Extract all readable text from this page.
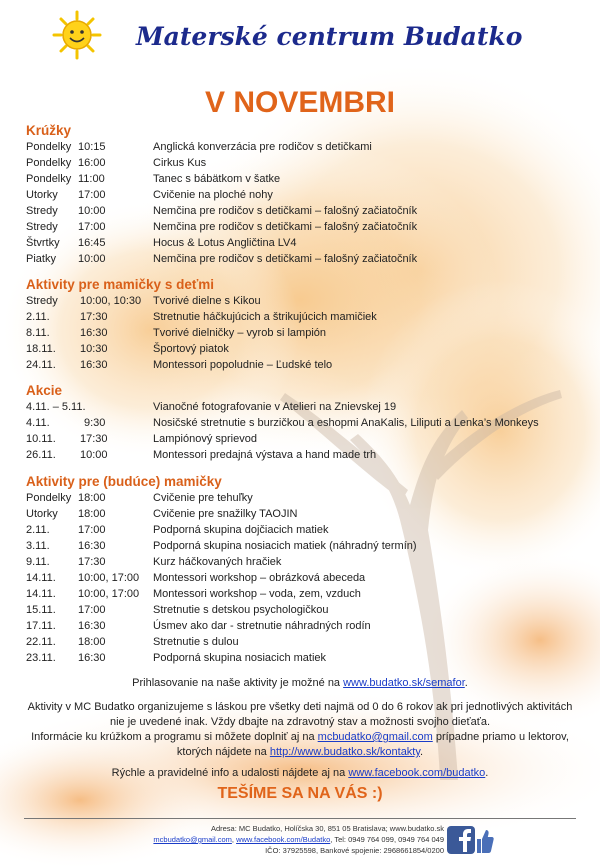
Materské centrum Budatko
V NOVEMBRI
Krúžky
Pondelky 10:15	Anglická konverzácia pre rodičov s detičkami
Pondelky 16:00	Cirkus Kus
Pondelky 11:00	Tanec s bábätkom v šatke
Utorky 17:00	Cvičenie na ploché nohy
Stredy 10:00	Nemčina pre rodičov s detičkami – falošný začiatočník
Stredy 17:00	Nemčina pre rodičov s detičkami – falošný začiatočník
Štvrtky 16:45	Hocus & Lotus Angličtina LV4
Piatky 10:00	Nemčina pre rodičov s detičkami – falošný začiatočník
Aktivity pre mamičky s deťmi
Stredy 10:00, 10:30 Tvorivé dielne s Kikou
2.11.	17:30	Stretnutie háčkujúcich a štrikujúcich mamičiek
8.11.	16:30	Tvorivé dielničky – vyrob si lampión
18.11. 10:30	Športový piatok
24.11. 16:30	Montessori popoludnie – Ľudské telo
Akcie
4.11. – 5.11.	Vianočné fotografovanie v Atelieri na Znievskej 19
4.11.	9:30	Nosičské stretnutie s burzičkou a eshopmi AnaKalis, Liliputi a Lenka’s Monkeys
10.11. 17:30	Lampiónový sprievod
26.11. 10:00	Montessori predajná výstava a hand made trh
Aktivity pre (budúce) mamičky
Pondelky 18:00	Cvičenie pre tehuľky
Utorky 18:00	Cvičenie pre snažilky TAOJIN
2.11.	17:00	Podporná skupina dojčiacich matiek
3.11.	16:30	Podporná skupina nosiacich matiek (náhradný termín)
9.11.	17:30	Kurz háčkovaných hračiek
14.11. 10:00, 17:00 Montessori workshop – obrázková abeceda
14.11. 10:00, 17:00 Montessori workshop – voda, zem, vzduch
15.11. 17:00	Stretnutie s detskou psychologičkou
17.11. 16:30	Úsmev ako dar - stretnutie náhradných rodín
22.11. 18:00	Stretnutie s dulou
23.11. 16:30	Podporná skupina nosiacich matiek
Prihlasovanie na naše aktivity je možné na www.budatko.sk/semafor.
Aktivity v MC Budatko organizujeme s láskou pre všetky deti najmä od 0 do 6 rokov ak pri jednotlivých aktivitách nie je uvedené inak. Vždy dbajte na zdravotný stav a možnosti svojho dieťaťa.
Informácie ku krúžkom a programu si môžete doplniť aj na mcbudatko@gmail.com prípadne priamo u lektorov, ktorých nájdete na http://www.budatko.sk/kontakty.
Rýchle a pravidelné info a udalosti nájdete aj na www.facebook.com/budatko.
TEŠÍME SA NA VÁS :)
Adresa: MC Budatko, Holíčska 30, 851 05 Bratislava; www.budatko.sk
mcbudatko@gmail.com, www.facebook.com/Budatko, Tel: 0949 764 099, 0949 764 049
IČO: 37925598, Bankové spojenie: 2968661854/0200
